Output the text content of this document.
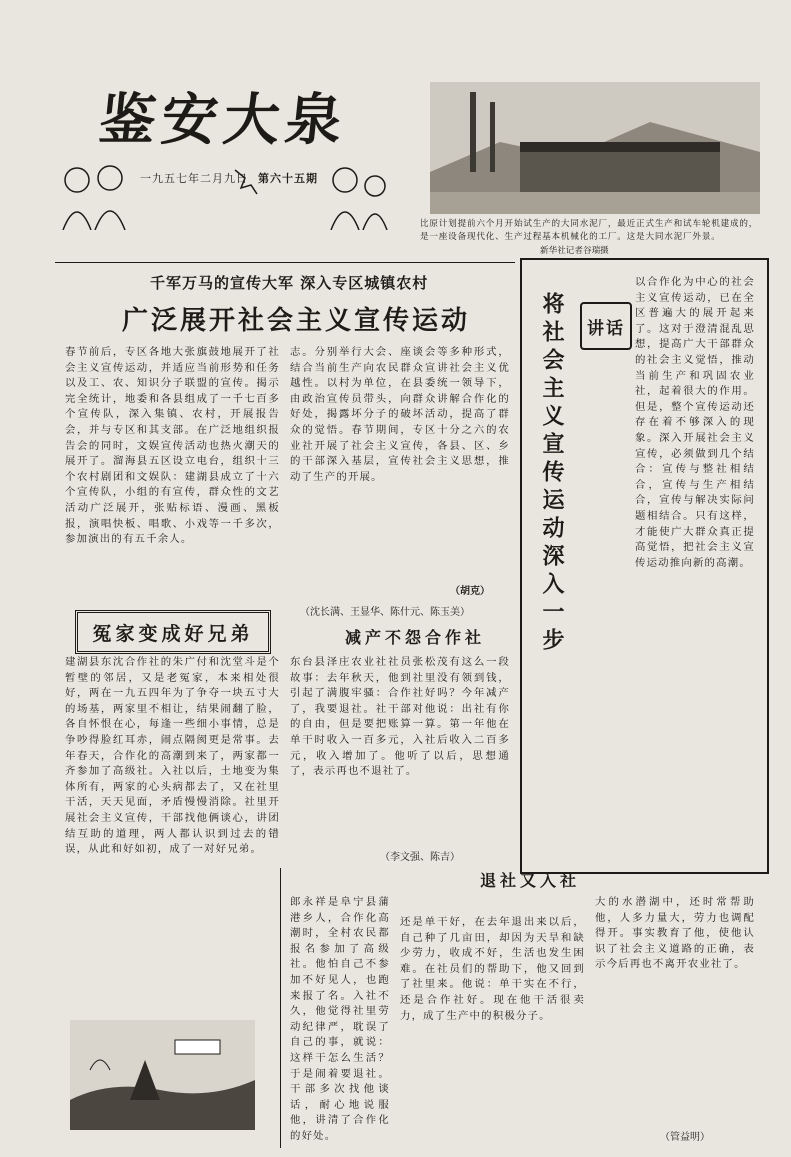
鉴安大泉
一九五七年二月九日 第六十五期
比原计划提前六个月开始试生产的大同水泥厂，最近正式生产和试车轮机建成的，是一座设备现代化、生产过程基本机械化的工厂。这是大同水泥厂外景。
新华社记者谷瑞摄
千军万马的宣传大军 深入专区城镇农村
广泛展开社会主义宣传运动
春节前后，专区各地大张旗鼓地展开了社会主义宣传运动，并适应当前形势和任务以及工、农、知识分子联盟的宣传。揭示完全统计，地委和各县组成了一千七百多个宣传队，深入集镇、农村，开展报告会，并与专区和其支部。在广泛地组织报告会的同时，文娱宣传活动也热火潮天的展开了。溜海县五区设立电台，组织十三个农村剧团和文娱队：建湖县成立了十六个宣传队，小组的有宣传，群众性的文艺活动广泛展开，张贴标语、漫画、黑板报，演唱快板、唱歌、小戏等一千多次，参加演出的有五千余人。
志。分别举行大会、座谈会等多种形式，结合当前生产向农民群众宣讲社会主义优越性。以村为单位，在县委统一领导下，由政治宣传员带头，向群众讲解合作化的好处，揭露坏分子的破坏活动，提高了群众的觉悟。春节期间，专区十分之六的农业社开展了社会主义宣传，各县、区、乡的干部深入基层，宣传社会主义思想，推动了生产的开展。
（胡克）
冤家变成好兄弟
建湖县东沈合作社的朱广付和沈堂斗是个暂壁的邻居，又是老冤家，本来相处很好，两在一九五四年为了争夺一块五寸大的场基，两家里不相让，结果闹翻了脸，各自怀恨在心，每逢一些细小事情，总是争吵得脸红耳赤，闹点隔阂更是常事。去年春天，合作化的高潮到来了，两家都一齐参加了高级社。入社以后，土地变为集体所有，两家的心头病都去了，又在社里干活，天天见面，矛盾慢慢消除。社里开展社会主义宣传，干部找他俩谈心，讲团结互助的道理，两人都认识到过去的错误，从此和好如初，成了一对好兄弟。
（沈长满、王显华、陈什元、陈玉美）
减产不怨合作社
东台县泽庄农业社社员张松茂有这么一段故事：去年秋天，他到社里没有领到钱，引起了满腹牢骚：合作社好吗？今年减产了，我要退社。社干部对他说：出社有你的自由，但是要把账算一算。第一年他在单干时收入一百多元，入社后收入二百多元，收入增加了。他听了以后，思想通了，表示再也不退社了。
（李文强、陈吉）
将社会主义宣传运动深入一步	讲话
以合作化为中心的社会主义宣传运动，已在全区普遍大的展开起来了。这对于澄清混乱思想，提高广大干部群众的社会主义觉悟，推动当前生产和巩固农业社，起着很大的作用。但是，整个宣传运动还存在着不够深入的现象。深入开展社会主义宣传，必须做到几个结合：宣传与整社相结合，宣传与生产相结合，宣传与解决实际问题相结合。只有这样，才能使广大群众真正提高觉悟，把社会主义宣传运动推向新的高潮。
郎永祥是阜宁县蒲港乡人，合作化高潮时，全村农民都报名参加了高级社。他怕自己不参加不好见人，也跑来报了名。入社不久，他觉得社里劳动纪律严，耽误了自己的事，就说：这样干怎么生活？于是闹着要退社。干部多次找他谈话，耐心地说服他，讲清了合作化的好处。
退社又入社
还是单干好，在去年退出来以后，自己种了几亩田，却因为天旱和缺少劳力，收成不好，生活也发生困难。在社员们的帮助下，他又回到了社里来。他说：单干实在不行，还是合作社好。现在他干活很卖力，成了生产中的积极分子。
大的水潜湖中，还时常帮助他，人多力量大，劳力也调配得开。事实教育了他，使他认识了社会主义道路的正确，表示今后再也不离开农业社了。
（管益明）
